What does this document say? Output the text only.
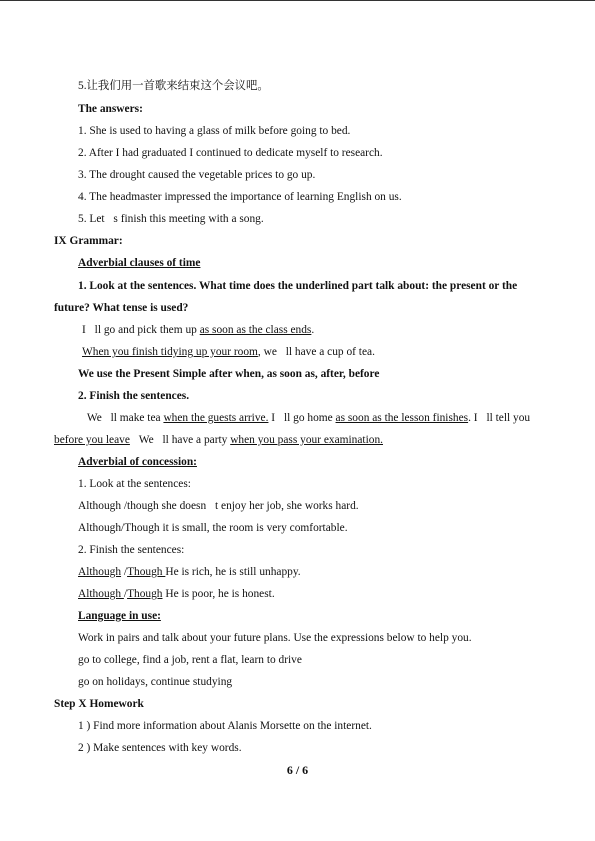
5.让我们用一首歌来结束这个会议吧。
The answers:
1. She is used to having a glass of milk before going to bed.
2. After I had graduated I continued to dedicate myself to research.
3. The drought caused the vegetable prices to go up.
4. The headmaster impressed the importance of learning English on us.
5. Let s finish this meeting with a song.
IX Grammar:
Adverbial clauses of time
1. Look at the sentences. What time does the underlined part talk about: the present or the
future? What tense is used?
I ll go and pick them up as soon as the class ends.
When you finish tidying up your room, we ll have a cup of tea.
We use the Present Simple after when, as soon as, after, before
2. Finish the sentences.
 We ll make tea when the guests arrive. I ll go home as soon as the lesson finishes. I ll tell you
before you leave We ll have a party when you pass your examination.
Adverbial of concession:
1. Look at the sentences:
Although /though she doesn t enjoy her job, she works hard.
Although/Though it is small, the room is very comfortable.
2. Finish the sentences:
Although /Though He is rich, he is still unhappy.
Although /Though He is poor, he is honest.
Language in use:
Work in pairs and talk about your future plans. Use the expressions below to help you.
go to college, find a job, rent a flat, learn to drive
go on holidays, continue studying
Step X Homework
1 ) Find more information about Alanis Morsette on the internet.
2 ) Make sentences with key words.
6 / 6
